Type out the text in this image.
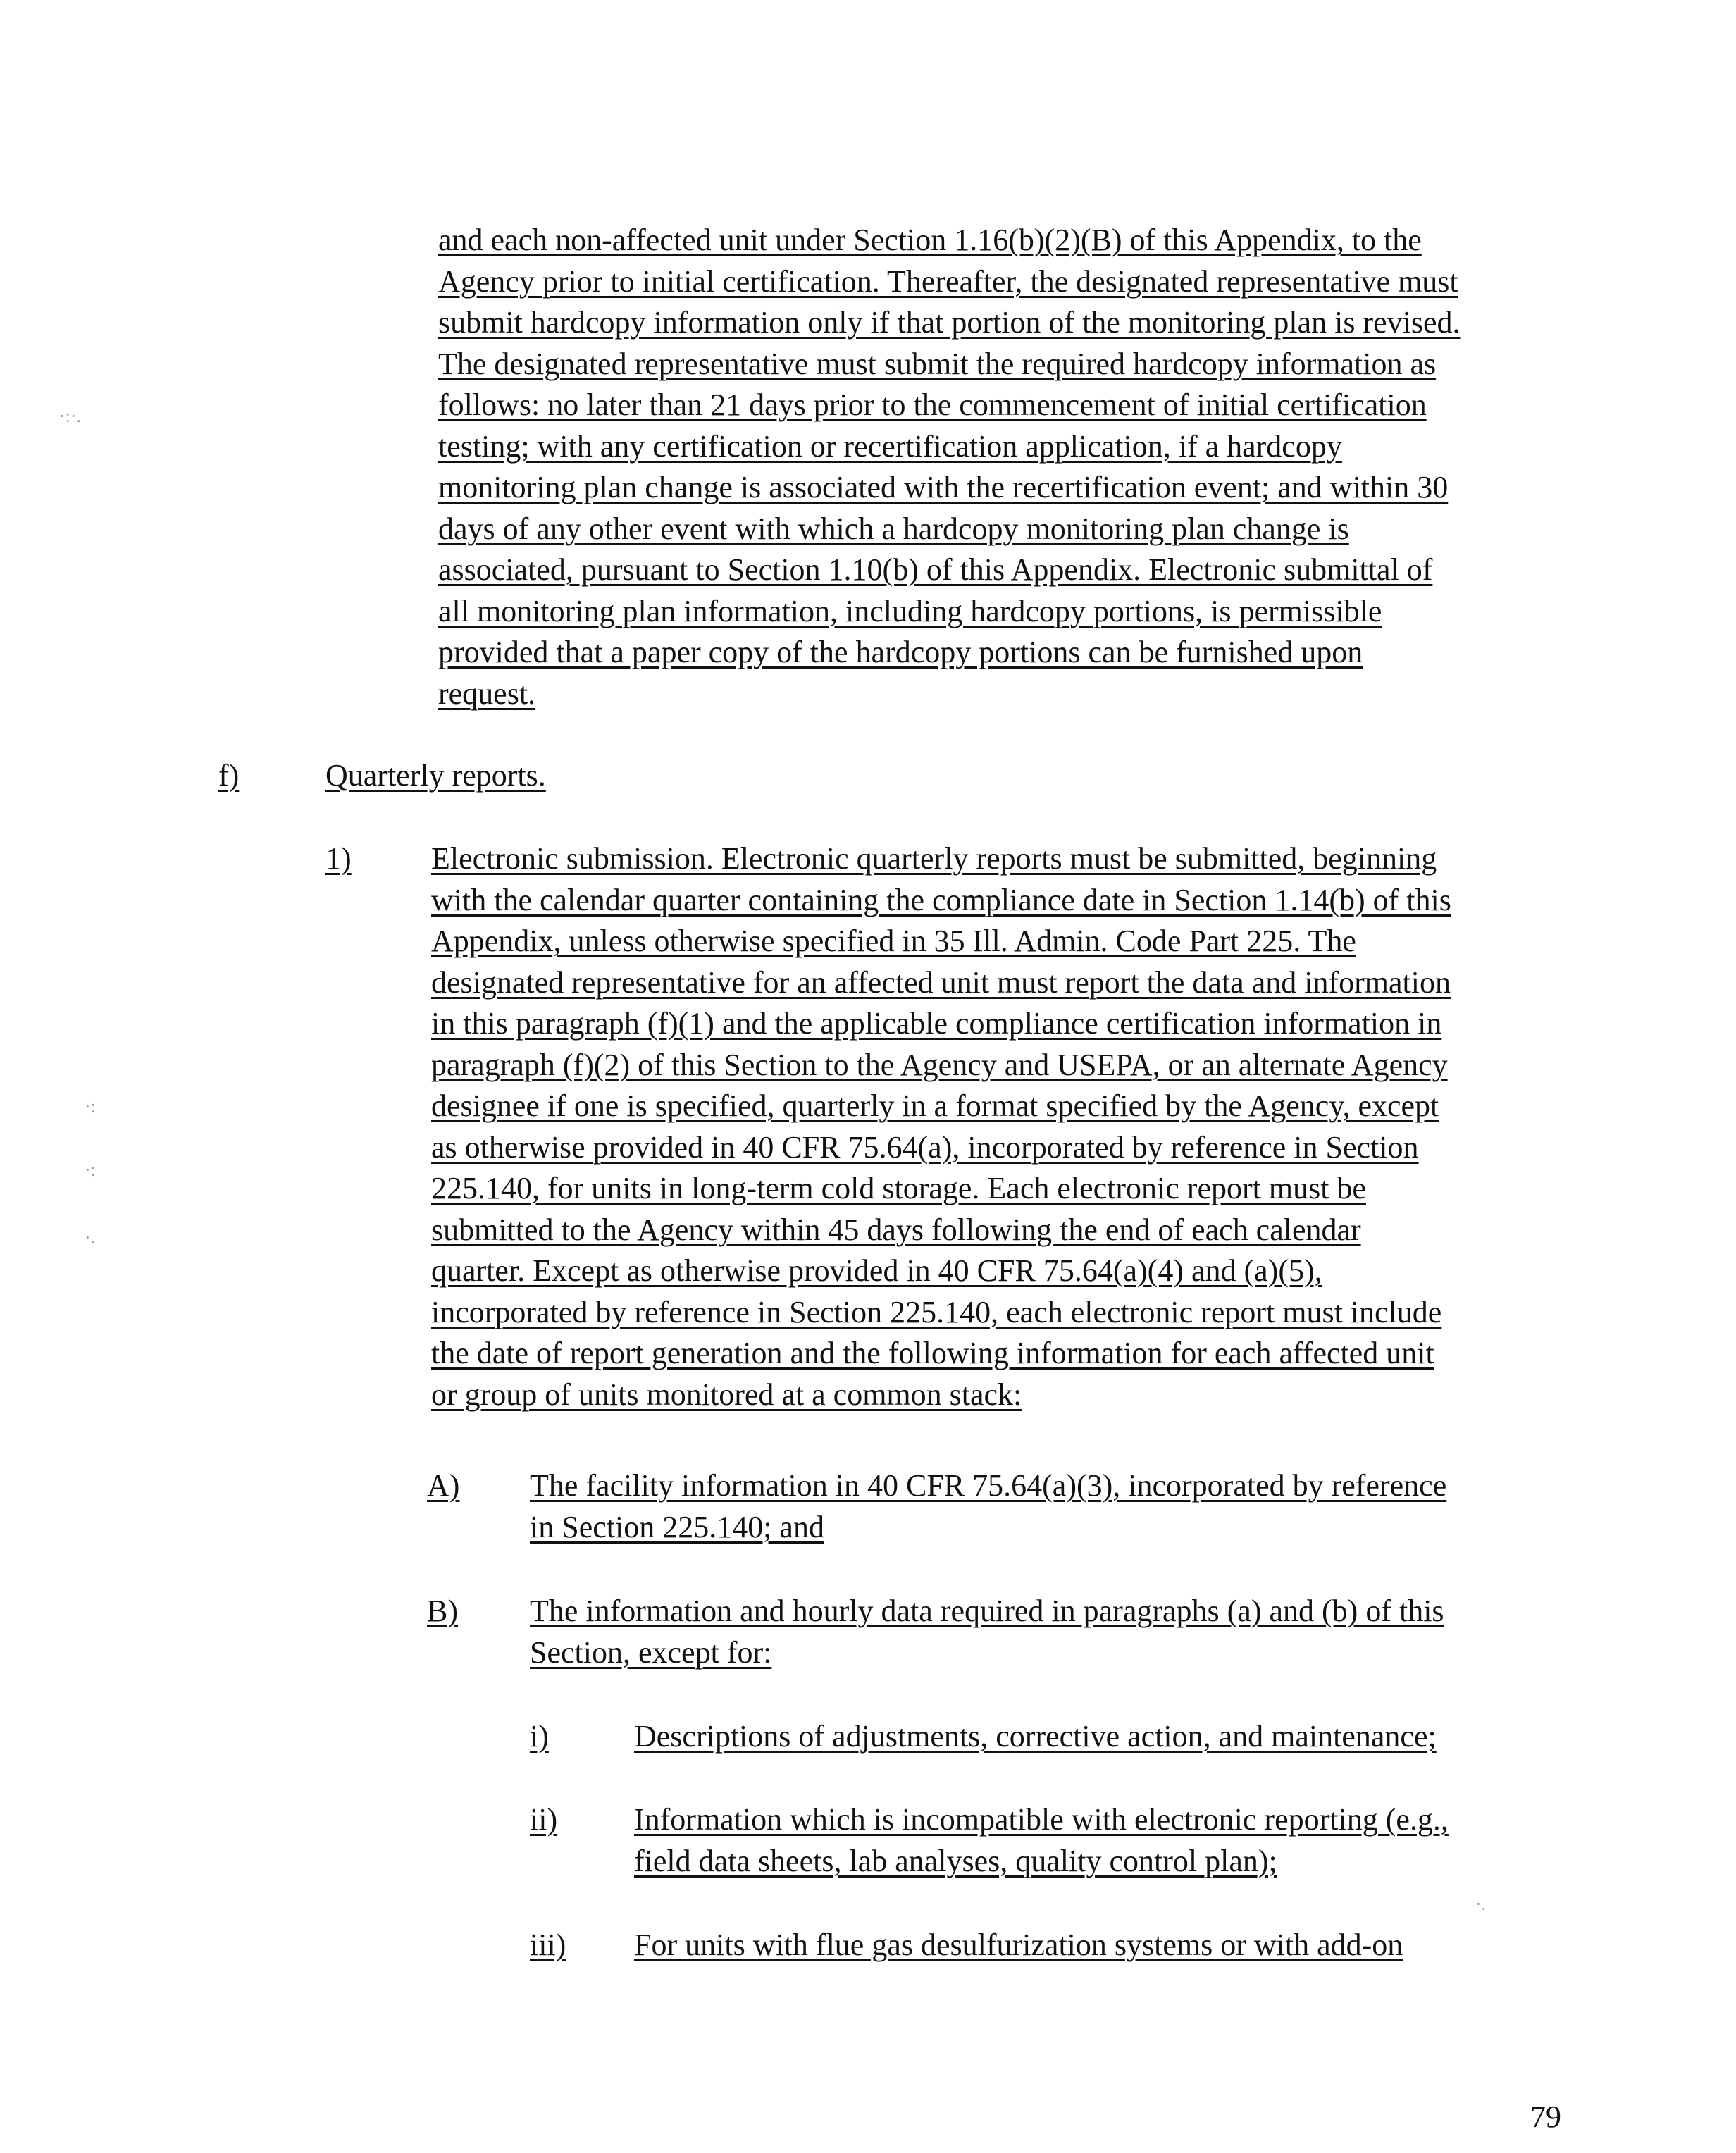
and each non-affected unit under Section 1.16(b)(2)(B) of this Appendix, to the
Agency prior to initial certification. Thereafter, the designated representative must
submit hardcopy information only if that portion of the monitoring plan is revised.
The designated representative must submit the required hardcopy information as
follows: no later than 21 days prior to the commencement of initial certification
testing; with any certification or recertification application, if a hardcopy
monitoring plan change is associated with the recertification event; and within 30
days of any other event with which a hardcopy monitoring plan change is
associated, pursuant to Section 1.10(b) of this Appendix. Electronic submittal of
all monitoring plan information, including hardcopy portions, is permissible
provided that a paper copy of the hardcopy portions can be furnished upon
request.
f)	Quarterly reports.
1)	Electronic submission. Electronic quarterly reports must be submitted, beginning
with the calendar quarter containing the compliance date in Section 1.14(b) of this
Appendix, unless otherwise specified in 35 Ill. Admin. Code Part 225. The
designated representative for an affected unit must report the data and information
in this paragraph (f)(1) and the applicable compliance certification information in
paragraph (f)(2) of this Section to the Agency and USEPA, or an alternate Agency
designee if one is specified, quarterly in a format specified by the Agency, except
as otherwise provided in 40 CFR 75.64(a), incorporated by reference in Section
225.140, for units in long-term cold storage. Each electronic report must be
submitted to the Agency within 45 days following the end of each calendar
quarter. Except as otherwise provided in 40 CFR 75.64(a)(4) and (a)(5),
incorporated by reference in Section 225.140, each electronic report must include
the date of report generation and the following information for each affected unit
or group of units monitored at a common stack:
A) The facility information in 40 CFR 75.64(a)(3), incorporated by reference
in Section 225.140; and
B) The information and hourly data required in paragraphs (a) and (b) of this
Section, except for:
i)	Descriptions of adjustments, corrective action, and maintenance;
ii) Information which is incompatible with electronic reporting (e.g.,
field data sheets, lab analyses, quality control plan);
iii) For units with flue gas desulfurization systems or with add-on
79
·:·.
·:
·:
·.
·.
